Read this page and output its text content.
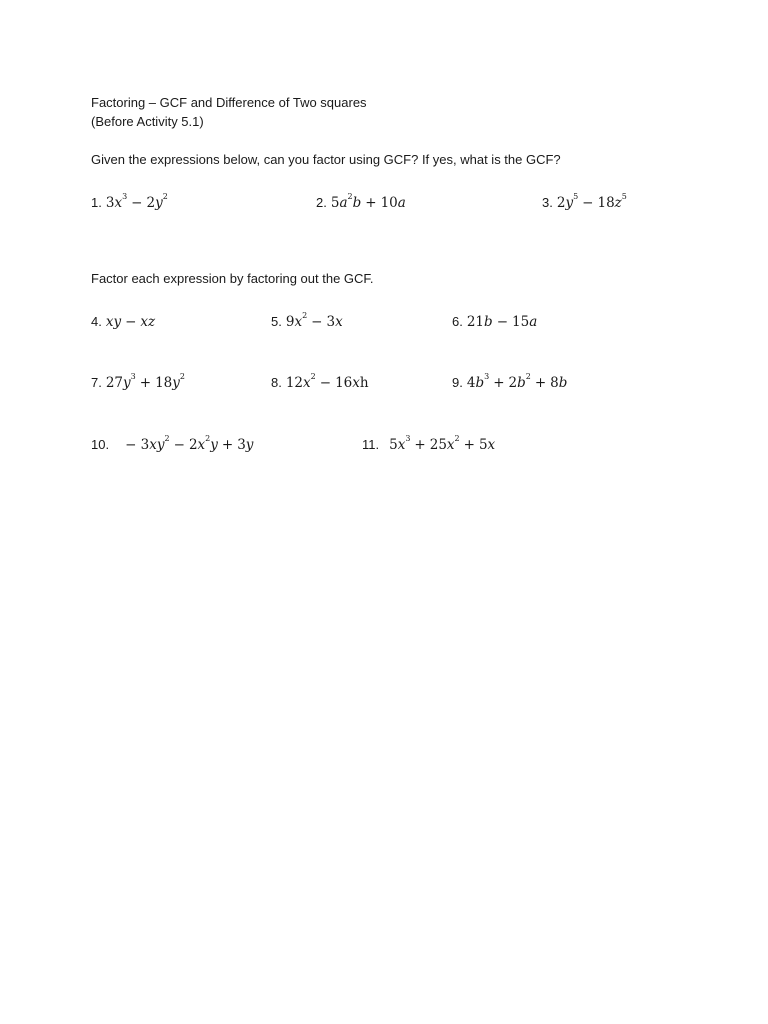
Factoring – GCF and Difference of Two squares

(Before Activity 5.1)

Given the expressions below, can you factor using GCF? If yes, what is the GCF?

1. $3x^3 - 2y^2$	2. $5a^2b + 10a$	3. $2y^5 - 18z^5$

Factor each expression by factoring out the GCF.

4. xy − xz	5. $9x^2 - 3x$	6. 21b − 15a
7. $27y^3 + 18y^2$	8. $12x^2 - 16xh$	9. $4b^3 + 2b^2 + 8b$
10. − $3xy^2 - 2x^2y + 3y$	11. $5x^3 + 25x^2 + 5x$
